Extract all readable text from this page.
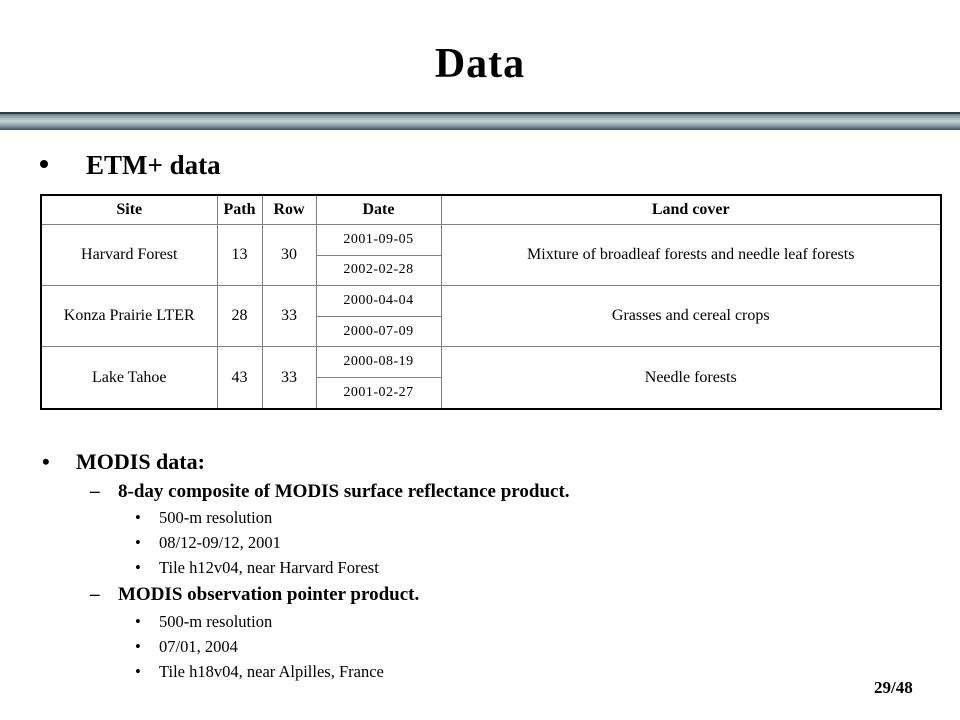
Data
ETM+ data
Site	Path	Row	Date	Land cover
Harvard Forest	13	30	2001-09-05	Mixture of broadleaf forests and needle leaf forests
			2002-02-28	
Konza Prairie LTER	28	33	2000-04-04	Grasses and cereal crops
			2000-07-09	
Lake Tahoe	43	33	2000-08-19	Needle forests
			2001-02-27	
• MODIS data:
– 8-day composite of MODIS surface reflectance product.
• 500-m resolution
• 08/12-09/12, 2001
• Tile h12v04, near Harvard Forest
– MODIS observation pointer product.
• 500-m resolution
• 07/01, 2004
• Tile h18v04, near Alpilles, France
29/48
